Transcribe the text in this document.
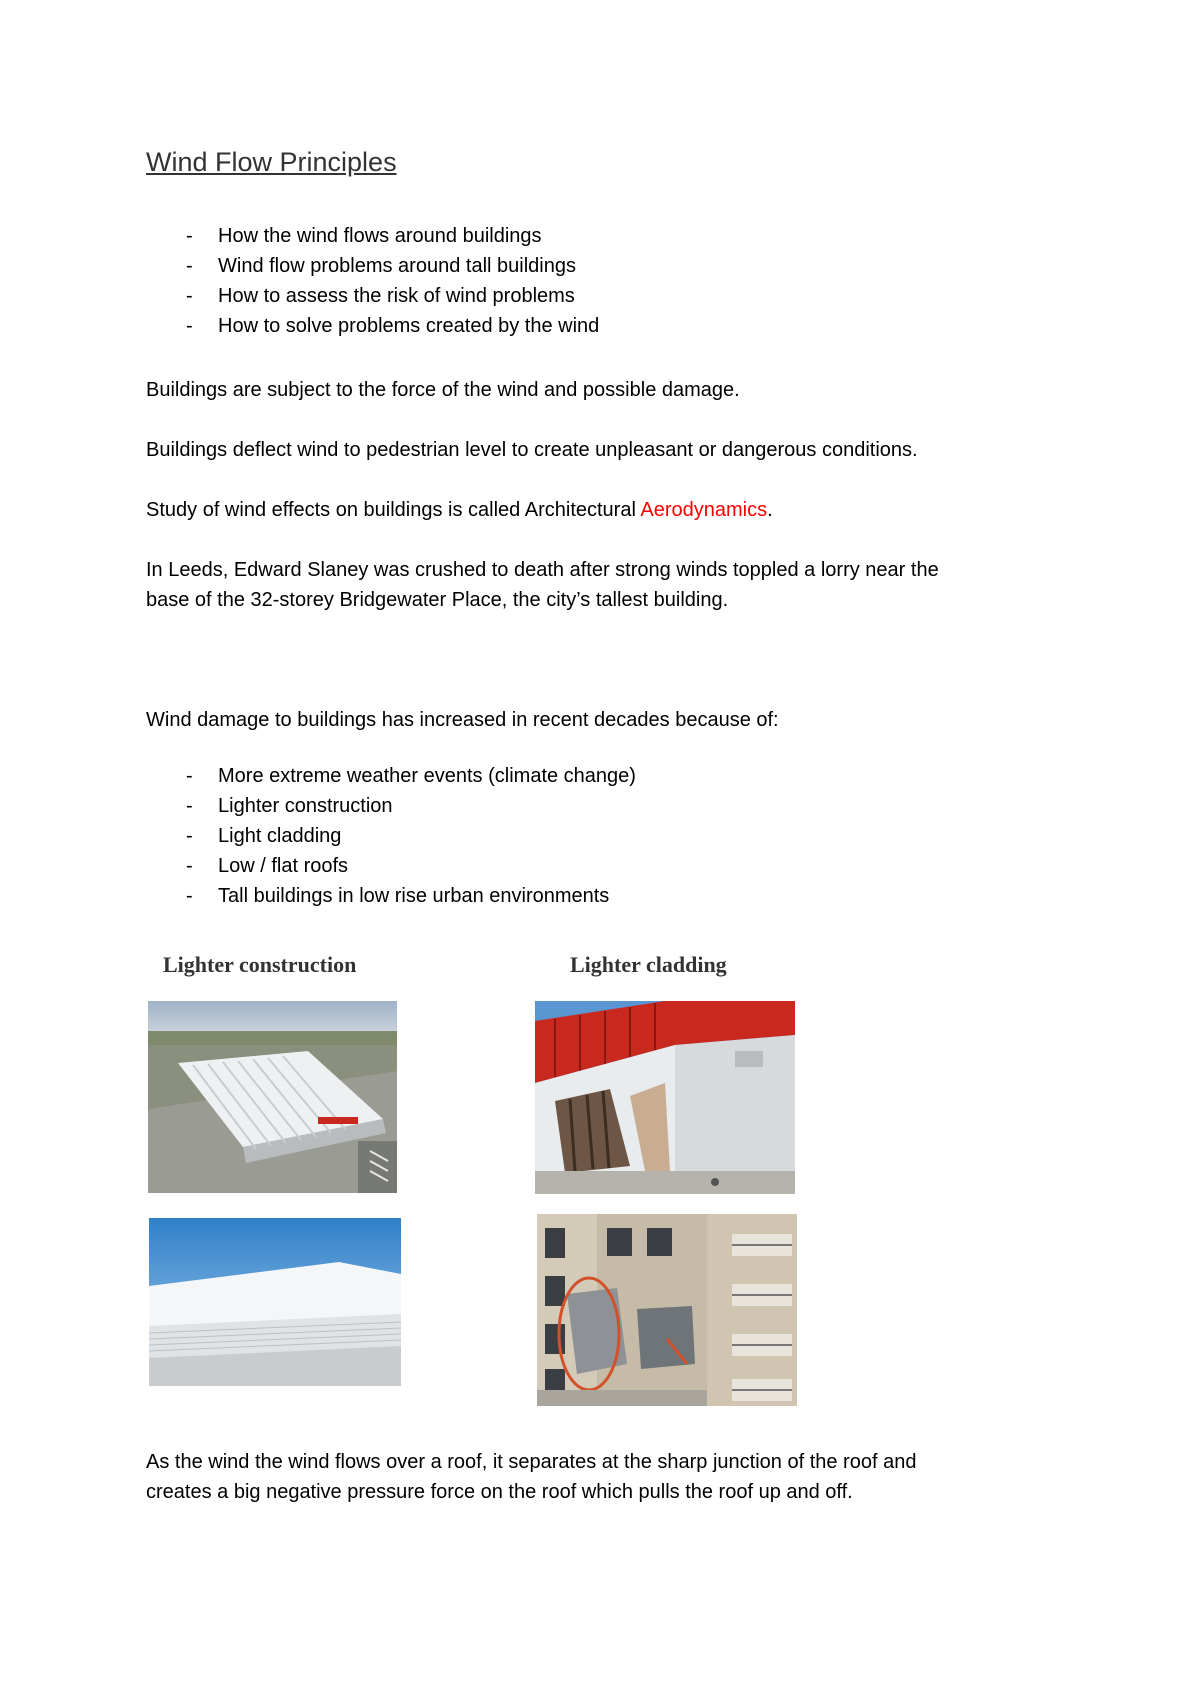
Wind Flow Principles
- How the wind flows around buildings
- Wind flow problems around tall buildings
- How to assess the risk of wind problems
- How to solve problems created by the wind
Buildings are subject to the force of the wind and possible damage.
Buildings deflect wind to pedestrian level to create unpleasant or dangerous conditions.
Study of wind effects on buildings is called Architectural Aerodynamics.
In Leeds, Edward Slaney was crushed to death after strong winds toppled a lorry near the
base of the 32-storey Bridgewater Place, the city’s tallest building.
Wind damage to buildings has increased in recent decades because of:
- More extreme weather events (climate change)
- Lighter construction
- Light cladding
- Low / flat roofs
- Tall buildings in low rise urban environments
Lighter construction	Lighter cladding
As the wind the wind flows over a roof, it separates at the sharp junction of the roof and
creates a big negative pressure force on the roof which pulls the roof up and off.
